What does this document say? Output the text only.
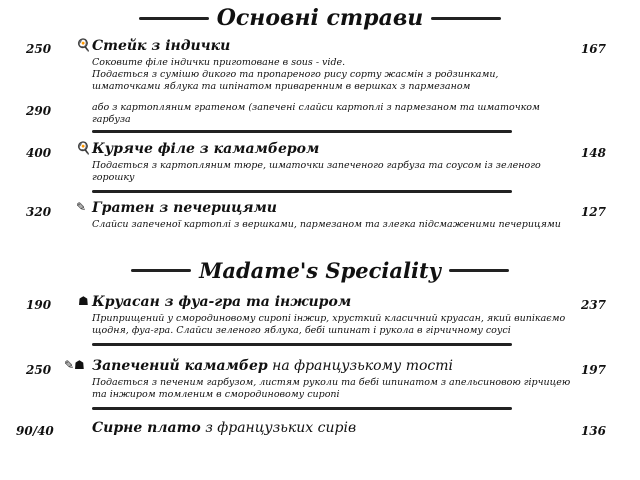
Основні страви
250 🍳 Стейк з індички	167
Соковите філе індички приготоване в sous - vide.
Подається з сумішю дикого та пропареного рису сорту жасмін з родзинками,
шматочками яблука та шпінатом приваренним в вершках з пармезаном
290	або з картопляним гратеном (запечені слайси картоплі з пармезаном та шматочком
гарбуза
400 🍳 Куряче філе з камамбером	148
Подається з картопляним тюре, шматочки запеченого гарбуза та соусом із зеленого
горошку
320 ✎ Гратен з печерицями	127
Слайси запеченої картоплі з вершками, пармезаном та злегка підсмаженими печерицями
Madame's Speciality
190 ☗ Круасан з фуа-гра та інжиром	237
Приприщений у смородиновому сиропі інжир, хрусткий класичний круасан, який випікаємо
щодня, фуа-гра. Слайси зеленого яблука, бебі шпинат і рукола в гірчичному соусі
250 ✎☗ Запечений камамбер на французькому тості	197
Подається з печеним гарбузом, листям руколи та бебі шпинатом з апельсиновою гірчицею
та інжиром томленим в смородиновому сиропі
90/40	Сирне плато з французьких сирів	136
